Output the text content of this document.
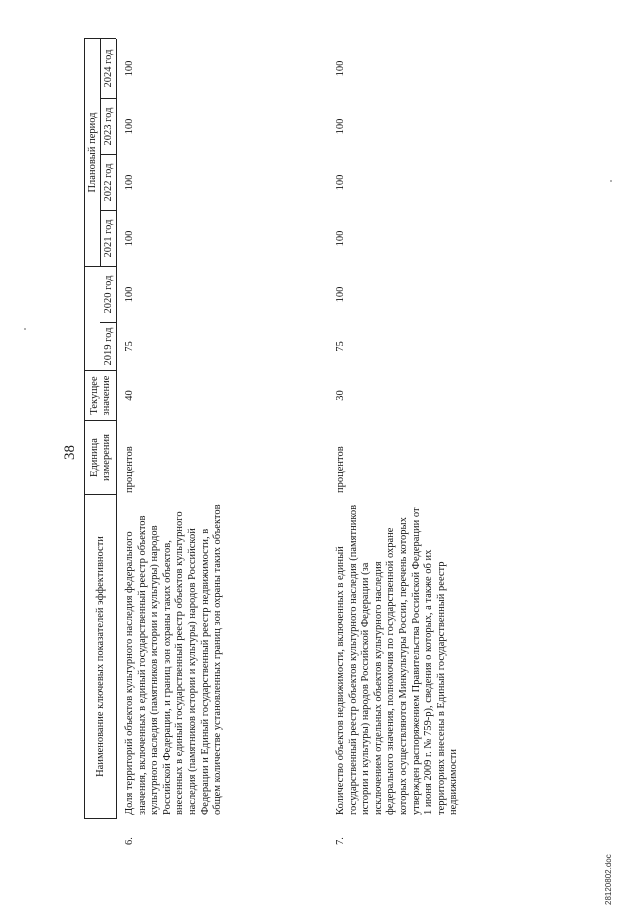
38
Наименование ключевых показателей эффективности
Единица измерения
Текущее значение
Плановый период
2019 год
2020 год
2021 год
2022 год
2023 год
2024 год
6.
Доля территорий объектов культурного наследия федерального значения, включенных в единый государственный реестр объектов культурного наследия (памятников истории и культуры) народов Российской Федерации, и границ зон охраны таких объектов, внесенных в единый государственный реестр объектов культурного наследия (памятников истории и культуры) народов Российской Федерации и Единый государственный реестр недвижимости, в общем количестве установленных границ зон охраны таких объектов
процентов
40
75
100
100
100
100
100
7.
Количество объектов недвижимости, включенных в единый государственный реестр объектов культурного наследия (памятников истории и культуры) народов Российской Федерации (за исключением отдельных объектов культурного наследия федерального значения, полномочия по государственной охране которых осуществляются Минкультуры России, перечень которых утвержден распоряжением Правительства Российской Федерации от 1 июня 2009 г. № 759-р), сведения о которых, а также об их территориях внесены в Единый государственный реестр недвижимости
процентов
30
75
100
100
100
100
100
28120802.doc
